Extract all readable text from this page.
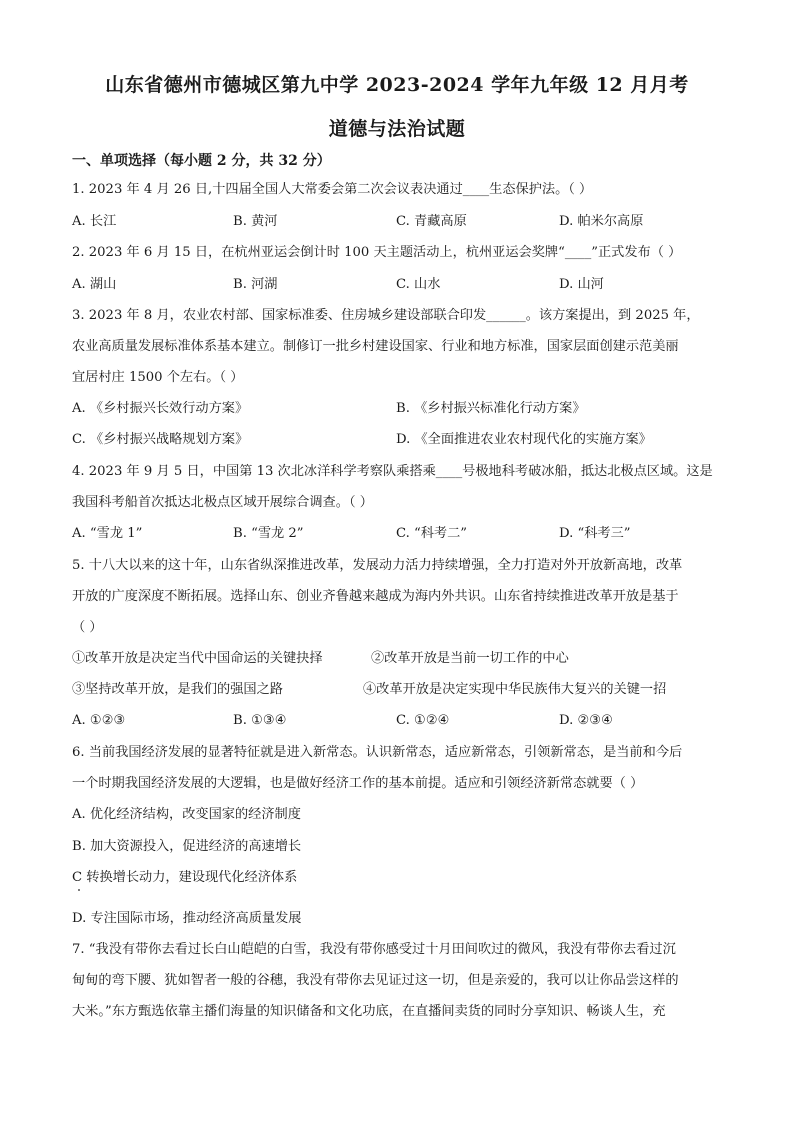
山东省德州市德城区第九中学 2023-2024 学年九年级 12 月月考
道德与法治试题
一、单项选择（每小题 2 分，共 32 分）
1. 2023 年 4 月 26 日,十四届全国人大常委会第二次会议表决通过____生态保护法。（ ）
A. 长江	B. 黄河	C. 青藏高原	D. 帕米尔高原
2. 2023 年 6 月 15 日，在杭州亚运会倒计时 100 天主题活动上，杭州亚运会奖牌“____”正式发布（ ）
A. 湖山	B. 河湖	C. 山水	D. 山河
3. 2023 年 8 月，农业农村部、国家标准委、住房城乡建设部联合印发______。该方案提出，到 2025 年，
农业高质量发展标准体系基本建立。制修订一批乡村建设国家、行业和地方标准，国家层面创建示范美丽
宜居村庄 1500 个左右。（ ）
A. 《乡村振兴长效行动方案》	B. 《乡村振兴标准化行动方案》
C. 《乡村振兴战略规划方案》	D. 《全面推进农业农村现代化的实施方案》
4. 2023 年 9 月 5 日，中国第 13 次北冰洋科学考察队乘搭乘____号极地科考破冰船，抵达北极点区域。这是
我国科考船首次抵达北极点区域开展综合调查。（ ）
A. “雪龙 1”	B. “雪龙 2”	C. “科考二”	D. “科考三”
5. 十八大以来的这十年，山东省纵深推进改革，发展动力活力持续增强，全力打造对外开放新高地，改革
开放的广度深度不断拓展。选择山东、创业齐鲁越来越成为海内外共识。山东省持续推进改革开放是基于
（ ）
①改革开放是决定当代中国命运的关键抉择	②改革开放是当前一切工作的中心
③坚持改革开放，是我们的强国之路	④改革开放是决定实现中华民族伟大复兴的关键一招
A. ①②③	B. ①③④	C. ①②④	D. ②③④
6. 当前我国经济发展的显著特征就是进入新常态。认识新常态，适应新常态，引领新常态，是当前和今后
一个时期我国经济发展的大逻辑，也是做好经济工作的基本前提。适应和引领经济新常态就要（ ）
A. 优化经济结构，改变国家的经济制度
B. 加大资源投入，促进经济的高速增长
C 转换增长动力，建设现代化经济体系
D. 专注国际市场，推动经济高质量发展
7. “我没有带你去看过长白山皑皑的白雪，我没有带你感受过十月田间吹过的微风，我没有带你去看过沉
甸甸的弯下腰、犹如智者一般的谷穗，我没有带你去见证过这一切，但是亲爱的，我可以让你品尝这样的
大米。”东方甄选依靠主播们海量的知识储备和文化功底，在直播间卖货的同时分享知识、畅谈人生，充
